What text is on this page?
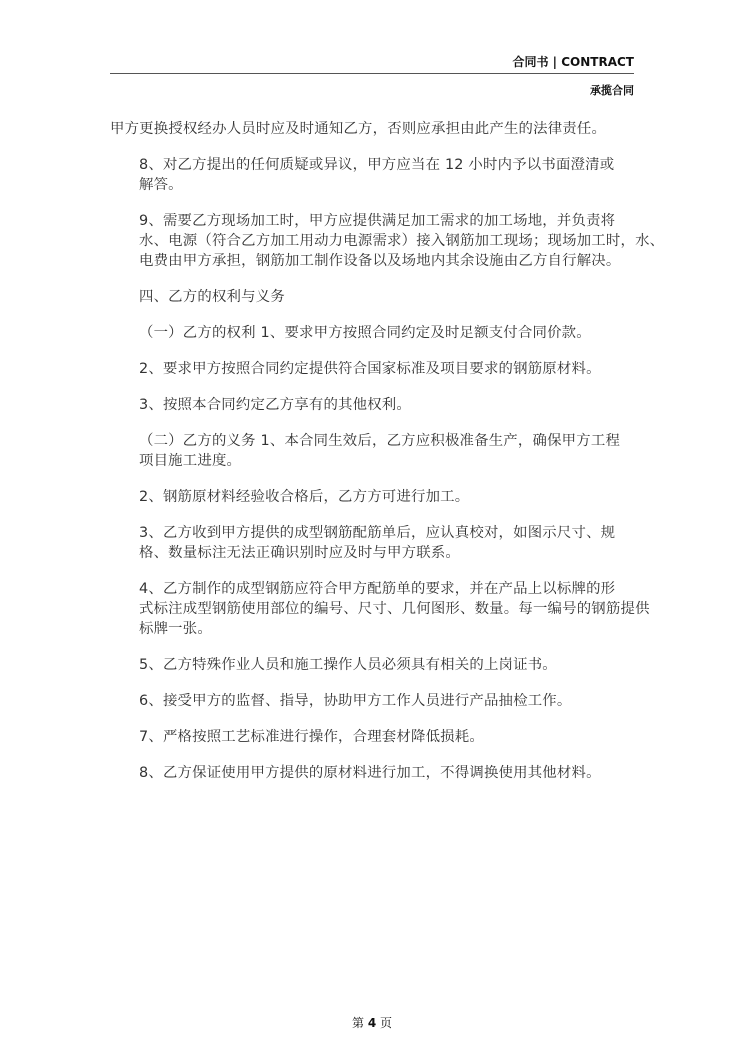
合同书 | CONTRACT
承揽合同

甲方更换授权经办人员时应及时通知乙方，否则应承担由此产生的法律责任。

8、对乙方提出的任何质疑或异议，甲方应当在 12 小时内予以书面澄清或
解答。

9、需要乙方现场加工时，甲方应提供满足加工需求的加工场地，并负责将
水、电源（符合乙方加工用动力电源需求）接入钢筋加工现场；现场加工时，水、
电费由甲方承担，钢筋加工制作设备以及场地内其余设施由乙方自行解决。

四、乙方的权利与义务

（一）乙方的权利 1、要求甲方按照合同约定及时足额支付合同价款。

2、要求甲方按照合同约定提供符合国家标准及项目要求的钢筋原材料。

3、按照本合同约定乙方享有的其他权利。

（二）乙方的义务 1、本合同生效后，乙方应积极准备生产，确保甲方工程
项目施工进度。

2、钢筋原材料经验收合格后，乙方方可进行加工。

3、乙方收到甲方提供的成型钢筋配筋单后，应认真校对，如图示尺寸、规
格、数量标注无法正确识别时应及时与甲方联系。

4、乙方制作的成型钢筋应符合甲方配筋单的要求，并在产品上以标牌的形
式标注成型钢筋使用部位的编号、尺寸、几何图形、数量。每一编号的钢筋提供
标牌一张。

5、乙方特殊作业人员和施工操作人员必须具有相关的上岗证书。

6、接受甲方的监督、指导，协助甲方工作人员进行产品抽检工作。

7、严格按照工艺标准进行操作，合理套材降低损耗。

8、乙方保证使用甲方提供的原材料进行加工，不得调换使用其他材料。

第 4 页
